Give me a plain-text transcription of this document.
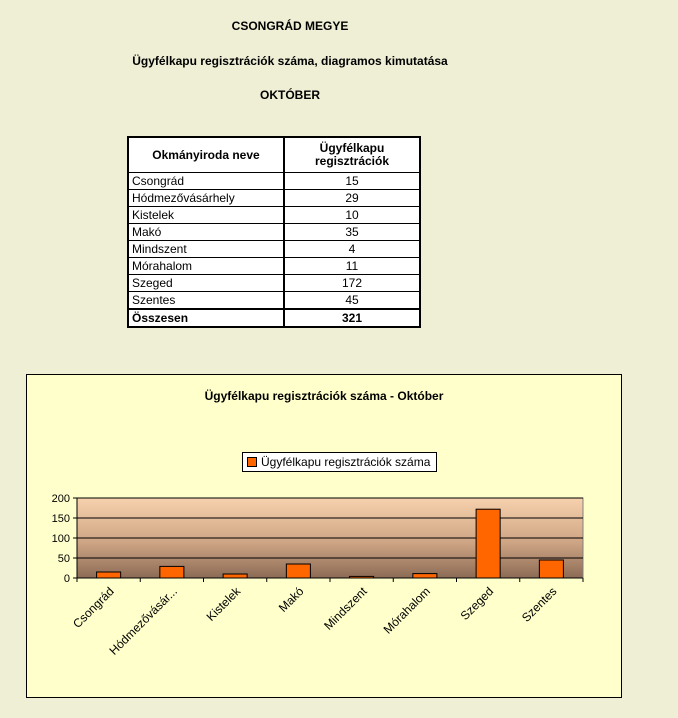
CSONGRÁD MEGYE
Ügyfélkapu regisztrációk száma, diagramos kimutatása
OKTÓBER
Okmányiroda neve	Ügyfélkapu regisztrációk
Csongrád	15
Hódmezővásárhely	29
Kistelek	10
Makó	35
Mindszent	4
Mórahalom	11
Szeged	172
Szentes	45
Összesen	321
Ügyfélkapu regisztrációk száma - Október
0
50
100
150
200
Csongrád
Hódmezővásár... Kistelek	Makó Mindszent Mórahalom Szeged Szentes
Ügyfélkapu regisztrációk száma
